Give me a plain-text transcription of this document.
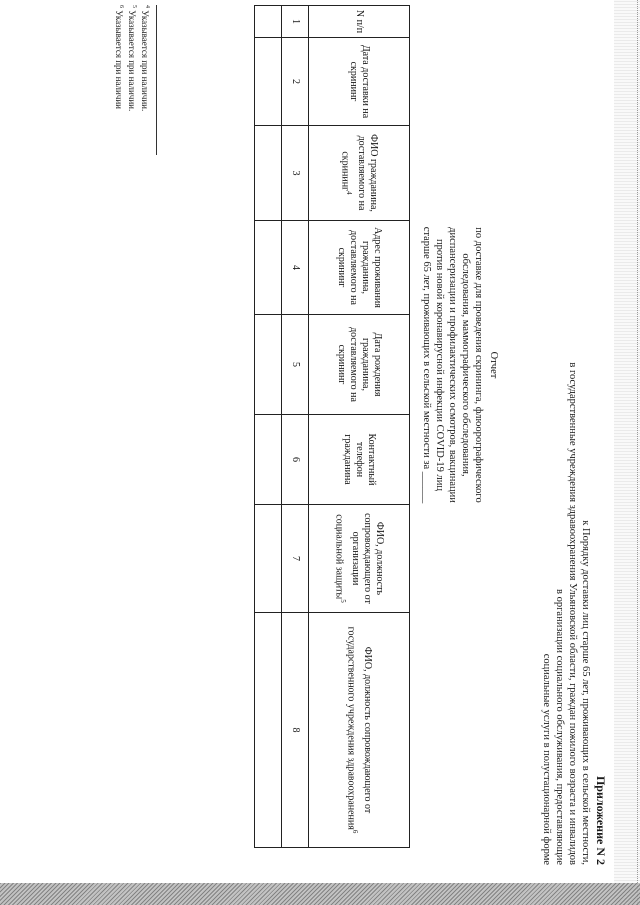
Приложение N 2
к Порядку доставки лиц старше 65 лет, проживающих в сельской местности,
в государственные учреждения здравоохранения Ульяновской области, граждан пожилого возраста и инвалидов
в организации социального обслуживания, предоставляющие
социальные услуги в полустационарной форме
Отчет
по доставке для проведения скрининга, флюорографического
обследования, маммографического обследования,
диспансеризации и профилактических осмотров, вакцинации
против новой коронавирусной инфекции COVID-19 лиц
старше 65 лет, проживающих в сельской местности за ______
N п/п	Дата доставки на скрининг	ФИО гражданина, доставляемого на скрининг$^4$	Адрес проживания гражданина, доставляемого на скрининг	Дата рождения гражданина, доставляемого на скрининг	Контактный телефон гражданина	ФИО, должность сопровождающего от организации социальной защиты$^5$	ФИО, должность сопровождающего от государственного учреждения здравоохранения$^6$
1	2	3	4	5	6	7	8

$^4$ Указывается при наличии.
$^5$ Указывается при наличии.
$^6$ Указывается при наличии
